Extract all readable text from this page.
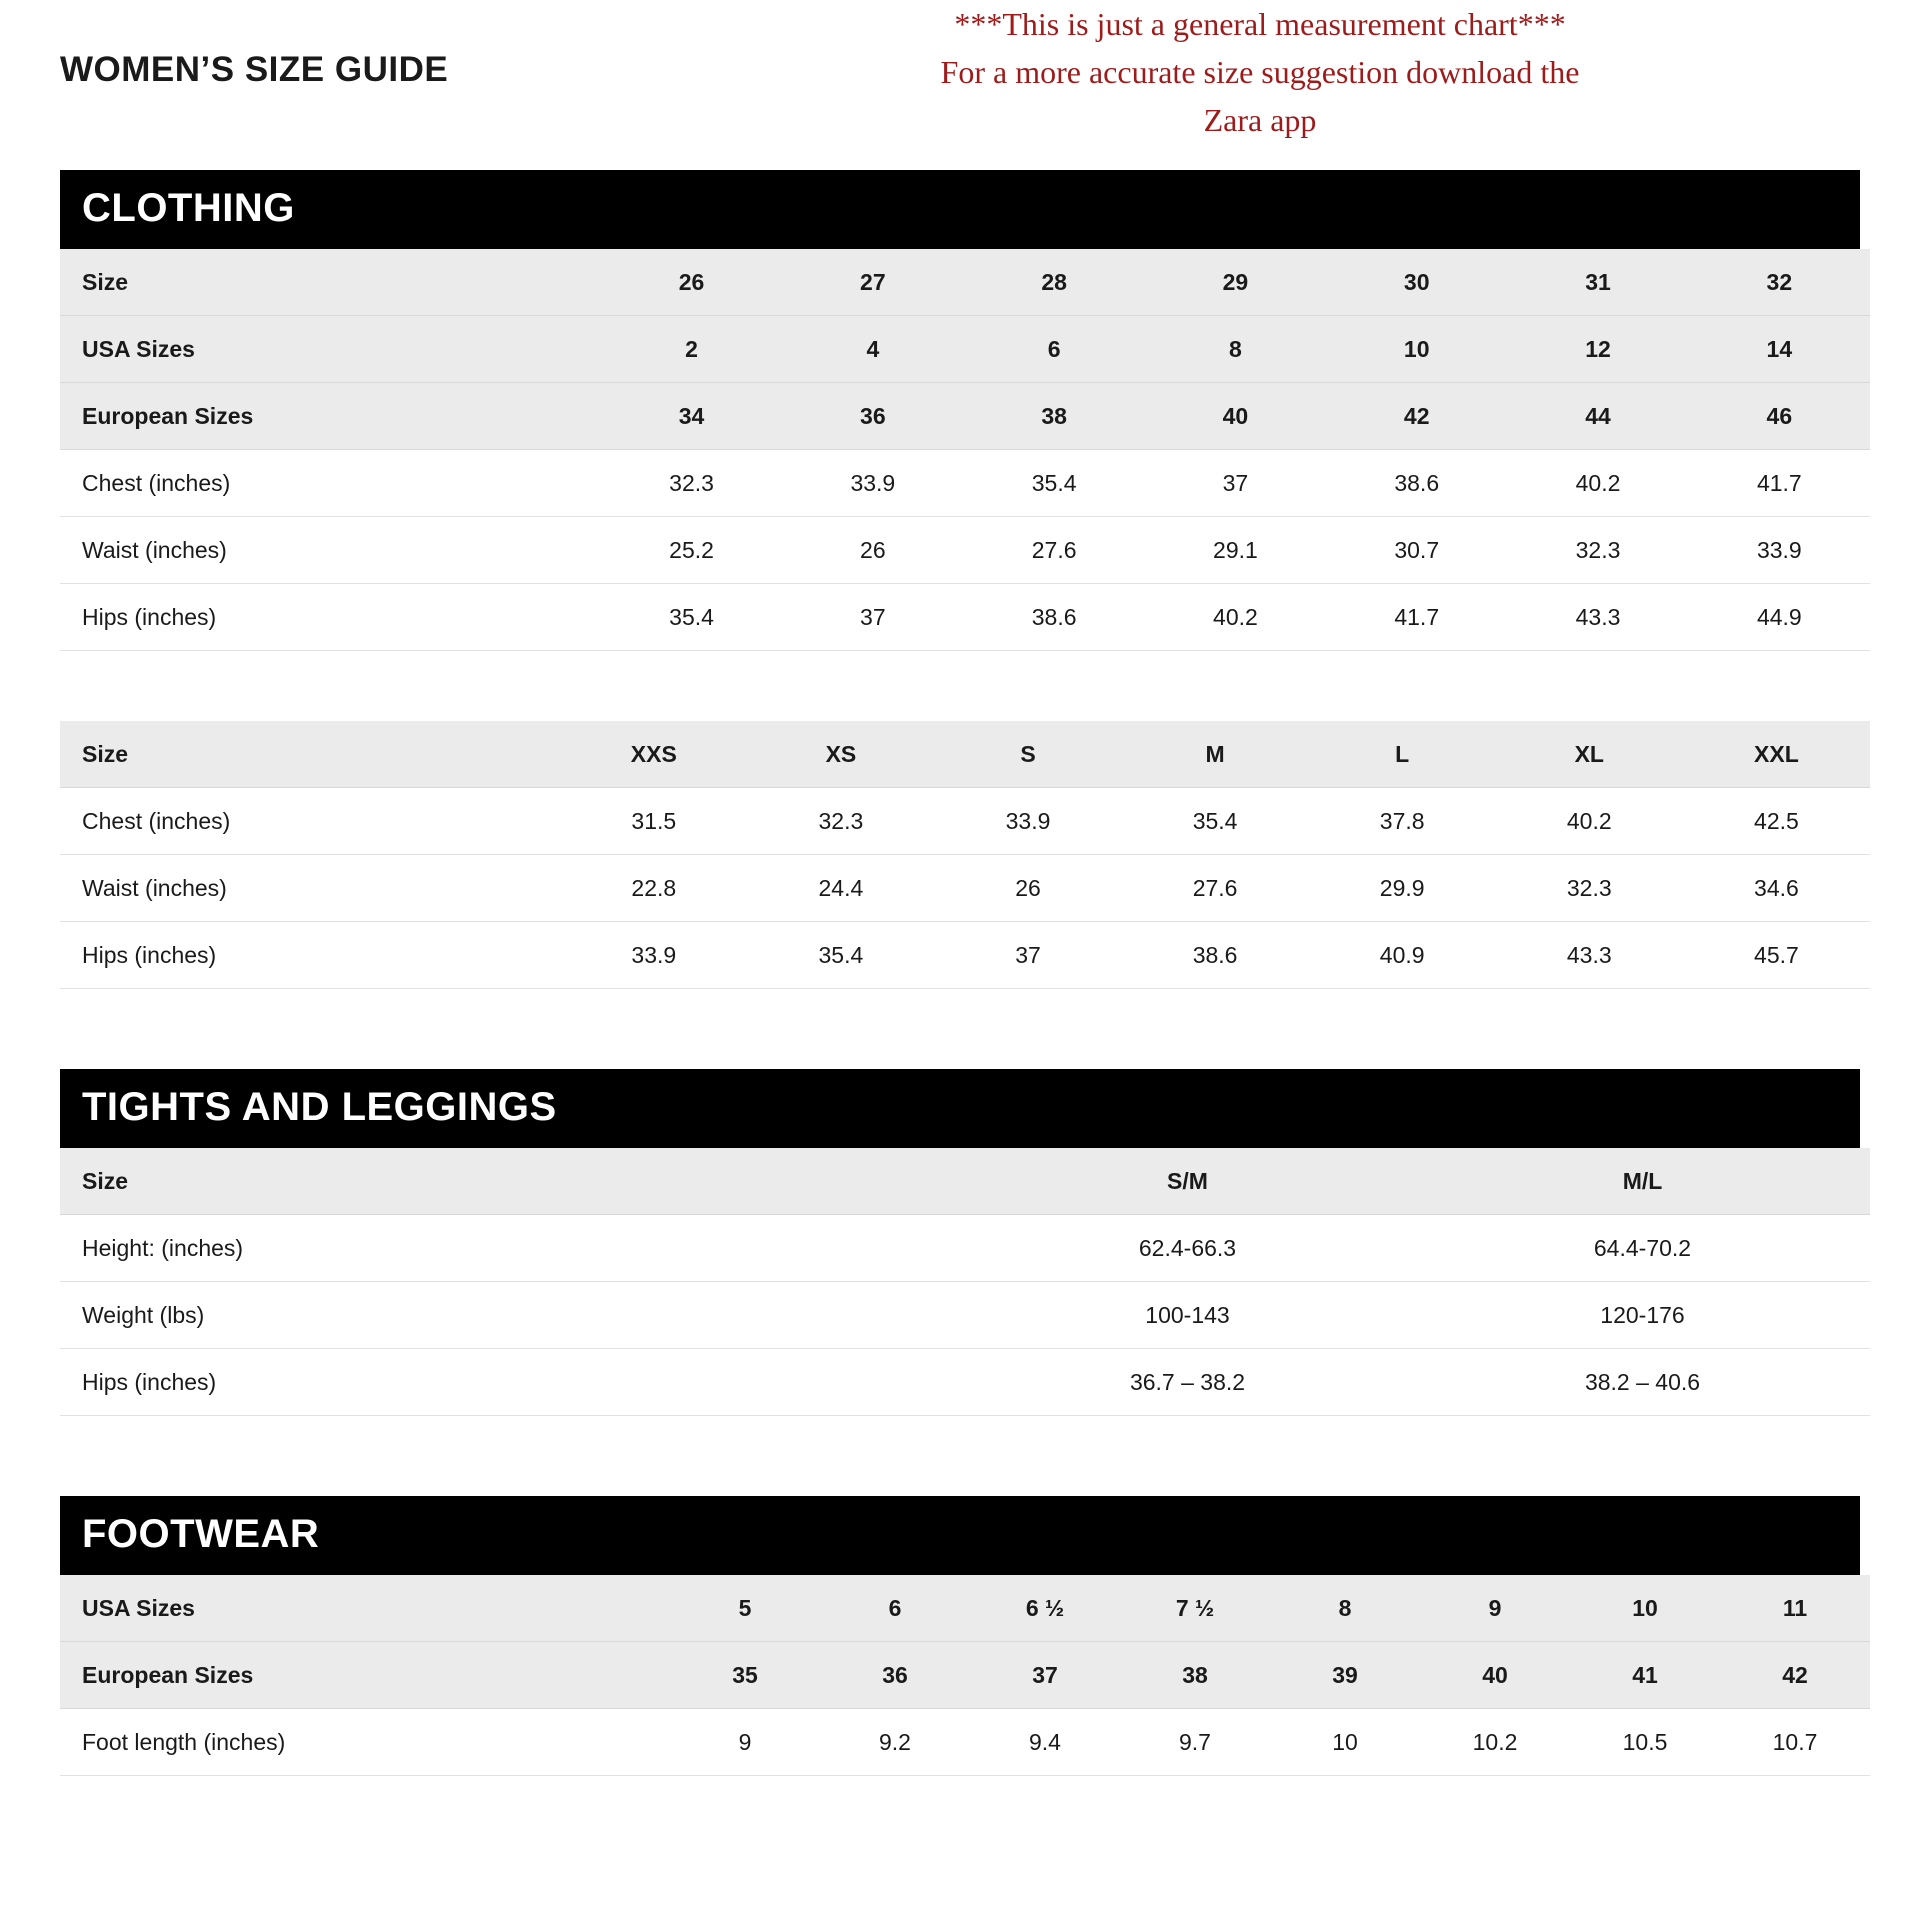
WOMEN’S SIZE GUIDE
***This is just a general measurement chart***
For a more accurate size suggestion download the
Zara app
CLOTHING
Size	26	27	28	29	30	31	32
USA Sizes	2	4	6	8	10	12	14
European Sizes	34	36	38	40	42	44	46
Chest (inches)	32.3	33.9	35.4	37	38.6	40.2	41.7
Waist (inches)	25.2	26	27.6	29.1	30.7	32.3	33.9
Hips (inches)	35.4	37	38.6	40.2	41.7	43.3	44.9
Size	XXS	XS	S	M	L	XL	XXL
Chest (inches)	31.5	32.3	33.9	35.4	37.8	40.2	42.5
Waist (inches)	22.8	24.4	26	27.6	29.9	32.3	34.6
Hips (inches)	33.9	35.4	37	38.6	40.9	43.3	45.7
TIGHTS AND LEGGINGS
Size	S/M	M/L
Height: (inches)	62.4-66.3	64.4-70.2
Weight (lbs)	100-143	120-176
Hips (inches)	36.7 – 38.2	38.2 – 40.6
FOOTWEAR
USA Sizes	5	6	6 ½	7 ½	8	9	10	11
European Sizes	35	36	37	38	39	40	41	42
Foot length (inches)	9	9.2	9.4	9.7	10	10.2	10.5	10.7
